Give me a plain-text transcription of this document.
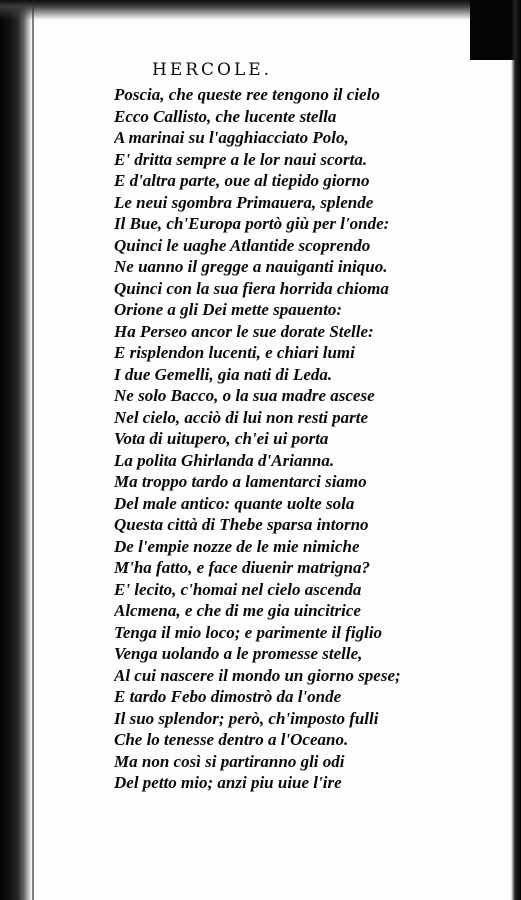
HERCOLE.
Poscia, che queste ree tengono il cielo
Ecco Callisto, che lucente stella
A marinai su l'agghiacciato Polo,
E' dritta sempre a le lor naui scorta.
E d'altra parte, oue al tiepido giorno
Le neui sgombra Primauera, splende
Il Bue, ch'Europa portò giù per l'onde:
Quinci le uaghe Atlantide scoprendo
Ne uanno il gregge a nauiganti iniquo.
Quinci con la sua fiera horrida chioma
Orione a gli Dei mette spauento:
Ha Perseo ancor le sue dorate Stelle:
E risplendon lucenti, e chiari lumi
I due Gemelli, gia nati di Leda.
Ne solo Bacco, o la sua madre ascese
Nel cielo, acciò di lui non resti parte
Vota di uitupero, ch'ei ui porta
La polita Ghirlanda d'Arianna.
Ma troppo tardo a lamentarci siamo
Del male antico: quante uolte sola
Questa città di Thebe sparsa intorno
De l'empie nozze de le mie nimiche
M'ha fatto, e face diuenir matrigna?
E' lecito, c'homai nel cielo ascenda
Alcmena, e che di me gia uincitrice
Tenga il mio loco; e parimente il figlio
Venga uolando a le promesse stelle,
Al cui nascere il mondo un giorno spese;
E tardo Febo dimostrò da l'onde
Il suo splendor; però, ch'imposto fulli
Che lo tenesse dentro a l'Oceano.
Ma non così si partiranno gli odi
Del petto mio; anzi piu uiue l'ire
